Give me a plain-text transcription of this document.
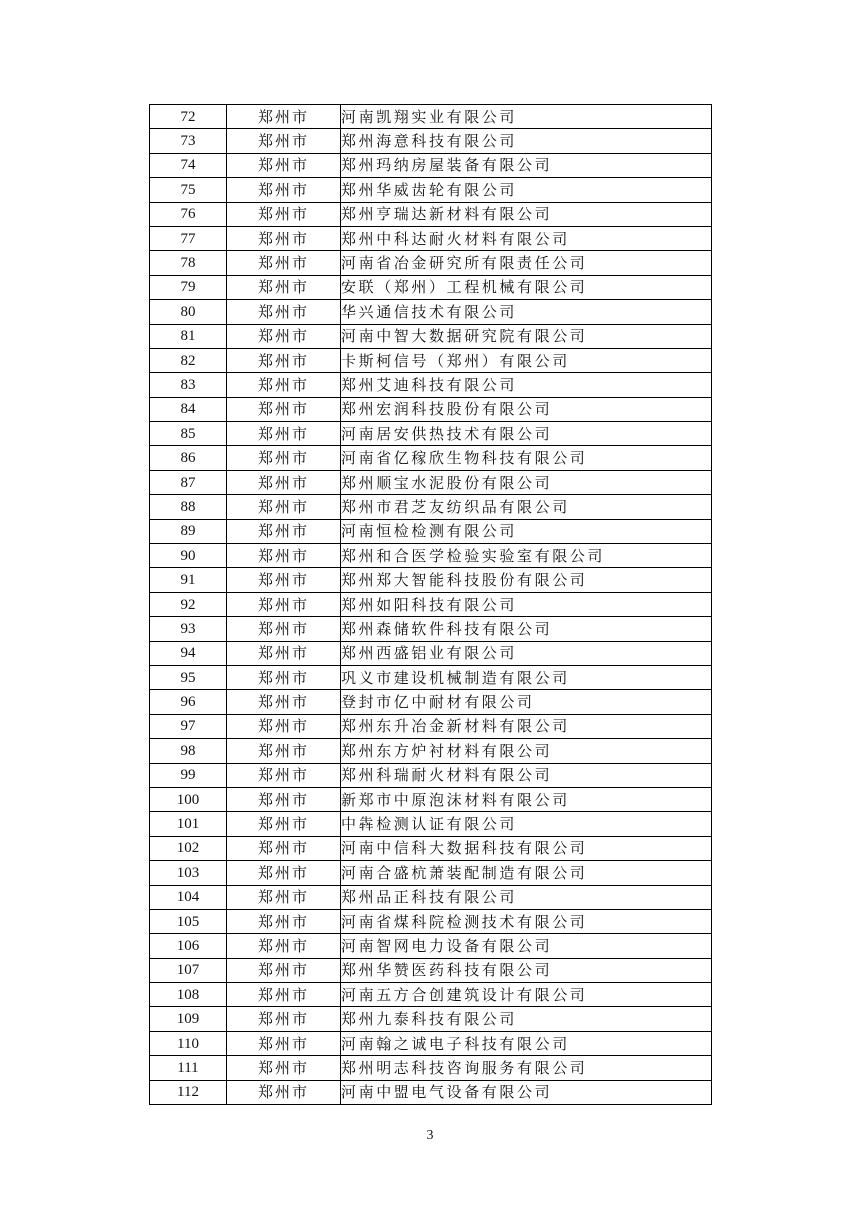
72	郑州市	河南凯翔实业有限公司
73	郑州市	郑州海意科技有限公司
74	郑州市	郑州玛纳房屋装备有限公司
75	郑州市	郑州华威齿轮有限公司
76	郑州市	郑州亨瑞达新材料有限公司
77	郑州市	郑州中科达耐火材料有限公司
78	郑州市	河南省冶金研究所有限责任公司
79	郑州市	安联（郑州）工程机械有限公司
80	郑州市	华兴通信技术有限公司
81	郑州市	河南中智大数据研究院有限公司
82	郑州市	卡斯柯信号（郑州）有限公司
83	郑州市	郑州艾迪科技有限公司
84	郑州市	郑州宏润科技股份有限公司
85	郑州市	河南居安供热技术有限公司
86	郑州市	河南省亿稼欣生物科技有限公司
87	郑州市	郑州顺宝水泥股份有限公司
88	郑州市	郑州市君芝友纺织品有限公司
89	郑州市	河南恒检检测有限公司
90	郑州市	郑州和合医学检验实验室有限公司
91	郑州市	郑州郑大智能科技股份有限公司
92	郑州市	郑州如阳科技有限公司
93	郑州市	郑州森储软件科技有限公司
94	郑州市	郑州西盛铝业有限公司
95	郑州市	巩义市建设机械制造有限公司
96	郑州市	登封市亿中耐材有限公司
97	郑州市	郑州东升冶金新材料有限公司
98	郑州市	郑州东方炉衬材料有限公司
99	郑州市	郑州科瑞耐火材料有限公司
100	郑州市	新郑市中原泡沫材料有限公司
101	郑州市	中犇检测认证有限公司
102	郑州市	河南中信科大数据科技有限公司
103	郑州市	河南合盛杭萧装配制造有限公司
104	郑州市	郑州品正科技有限公司
105	郑州市	河南省煤科院检测技术有限公司
106	郑州市	河南智网电力设备有限公司
107	郑州市	郑州华赞医药科技有限公司
108	郑州市	河南五方合创建筑设计有限公司
109	郑州市	郑州九泰科技有限公司
110	郑州市	河南翰之诚电子科技有限公司
111	郑州市	郑州明志科技咨询服务有限公司
112	郑州市	河南中盟电气设备有限公司
3
